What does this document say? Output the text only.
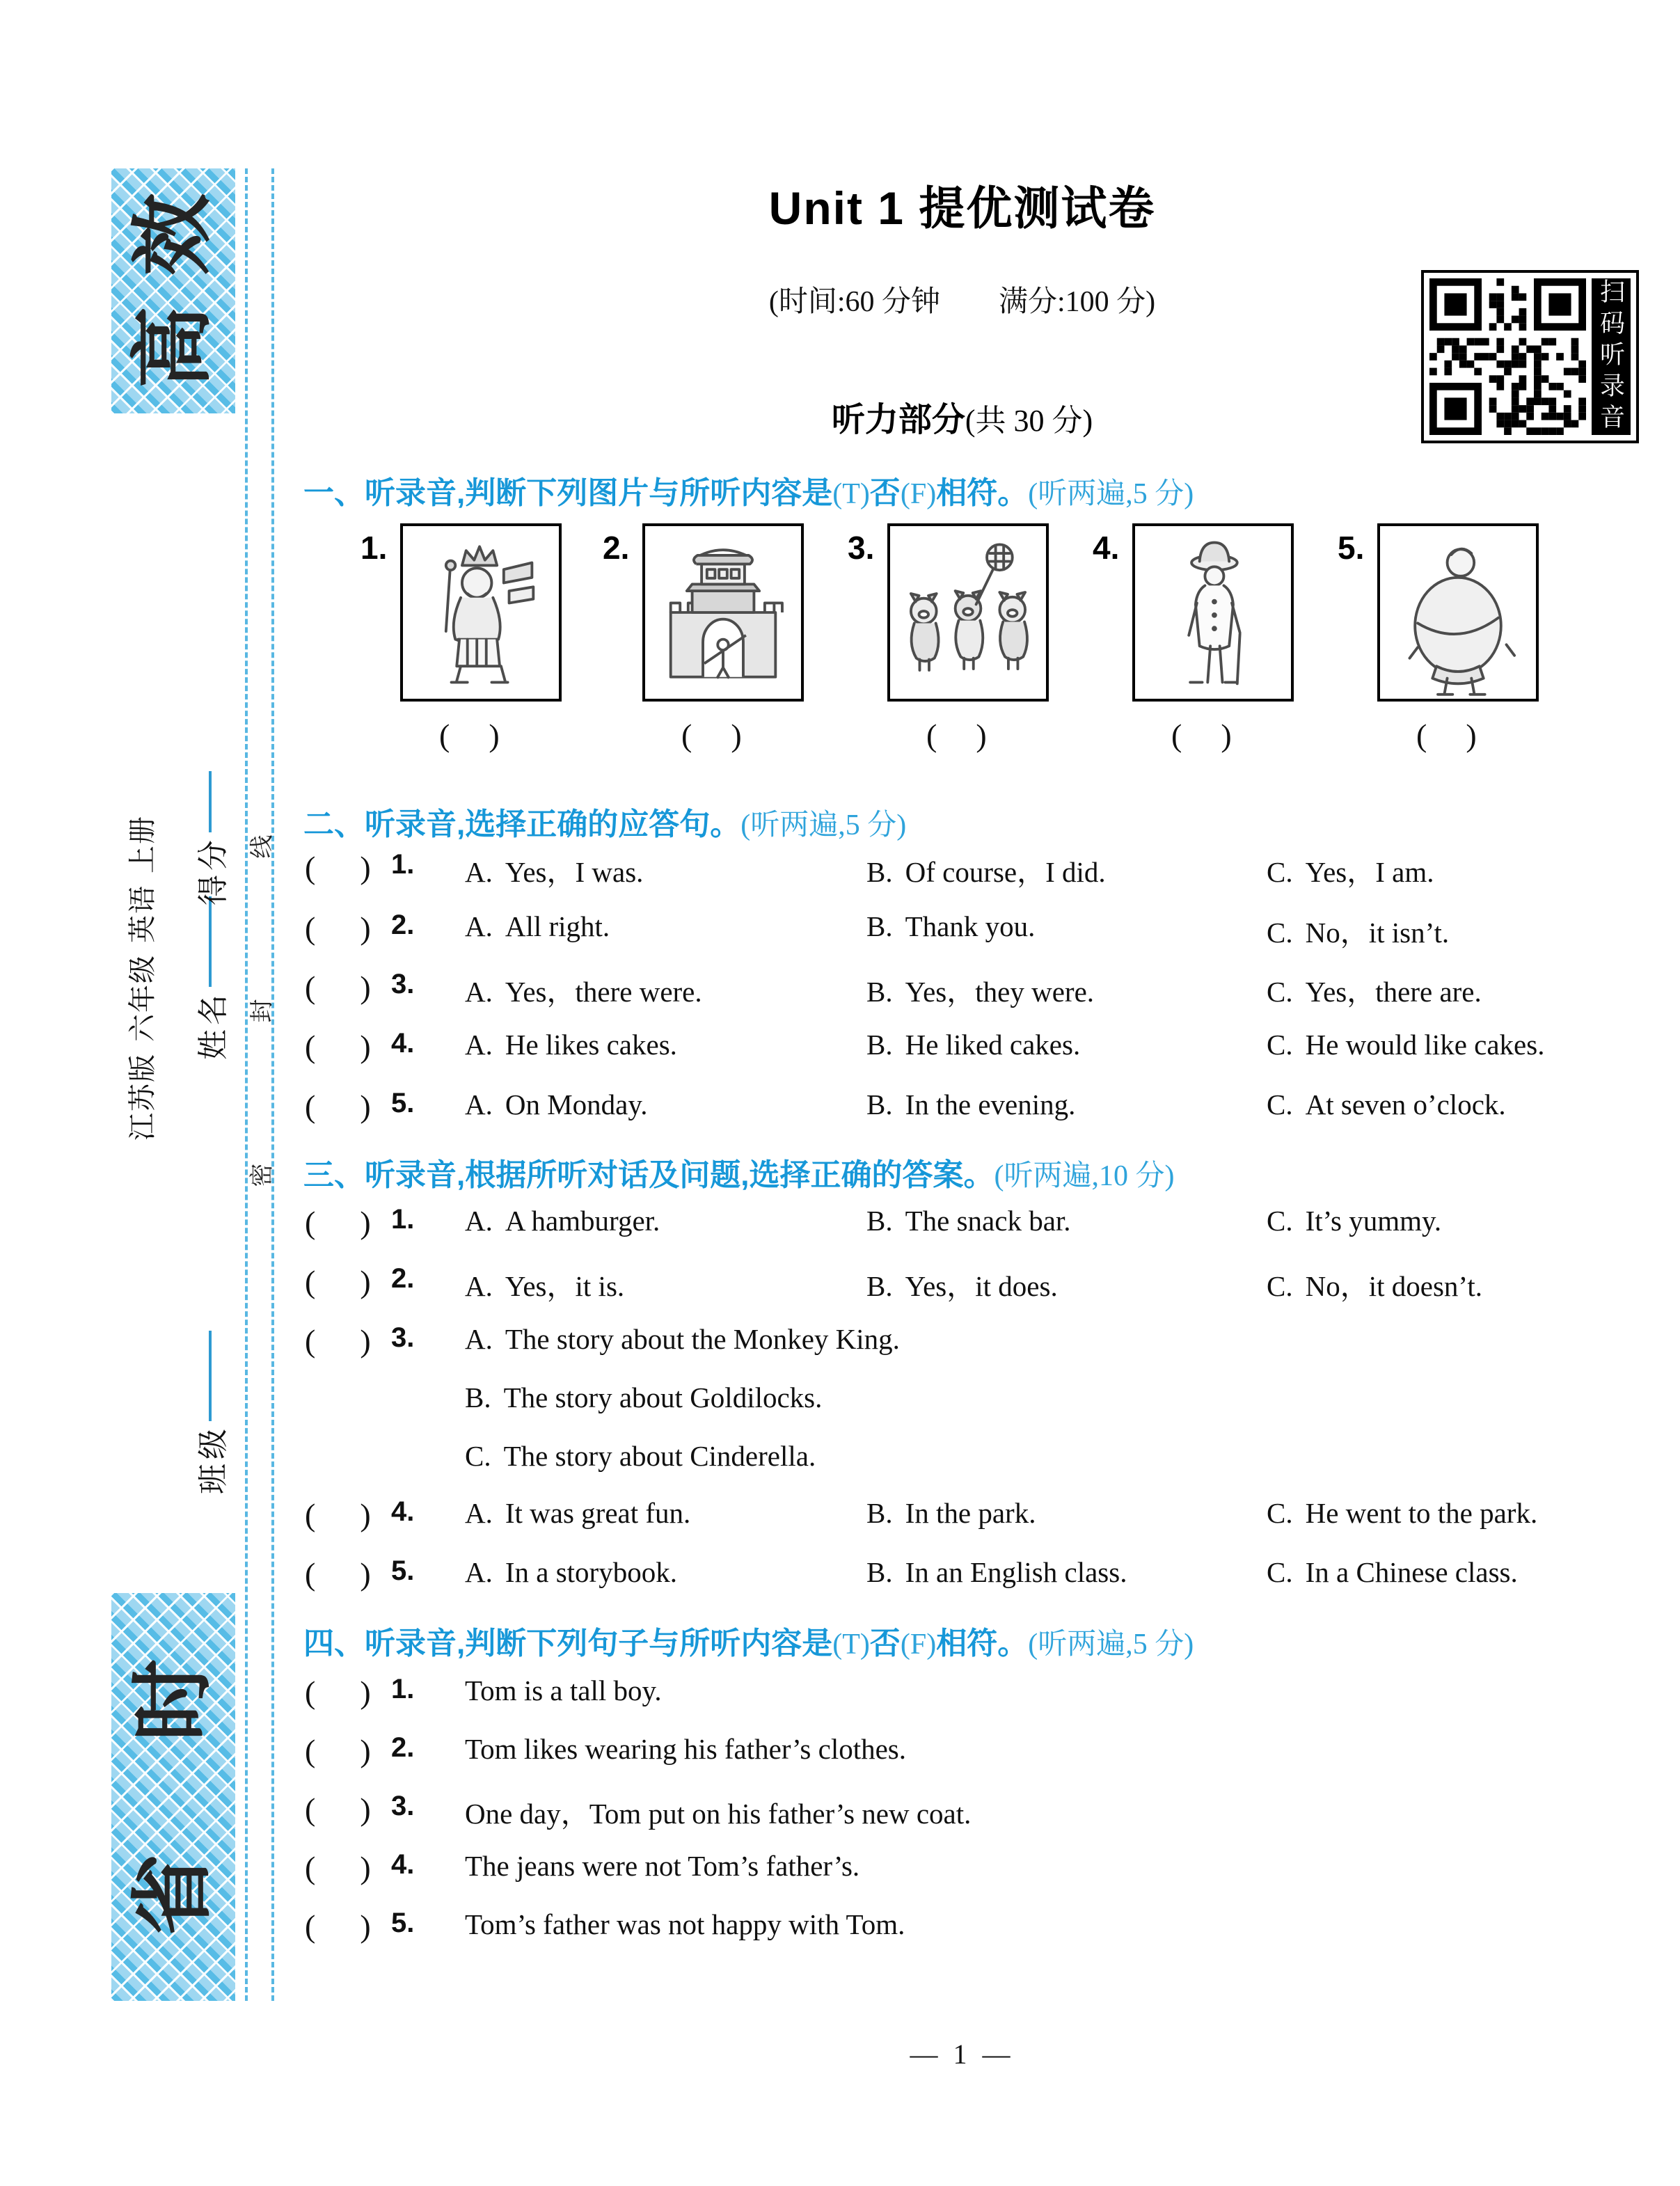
效
高
时
省
册
上
语
英
级
年
六
版
苏
江
级
班
名
姓
分
得
线
封
密
Unit 1 提优测试卷
(时间:60 分钟　　满分:100 分)	扫码听录音
听力部分(共 30 分)
一、听录音,判断下列图片与所听内容是(T)否(F)相符。(听两遍,5 分)
二、听录音,选择正确的应答句。(听两遍,5 分)
三、听录音,根据所听对话及问题,选择正确的答案。(听两遍,10 分)
四、听录音,判断下列句子与所听内容是(T)否(F)相符。(听两遍,5 分)
— 1 —
1.
( )
2.
( )
3.
( )
4.
( )
5.
( )
( ) 1. A. Yes，I was.	B. Of course，I did.	C. Yes，I am.
( ) 2. A. All right.	B. Thank you.	C. No，it isn’t.
( ) 3. A. Yes，there were.	B. Yes，they were.	C. Yes，there are.
( ) 4. A. He likes cakes.	B. He liked cakes.	C. He would like cakes.
( ) 5. A. On Monday.	B. In the evening.	C. At seven o’clock.
( ) 1. A. A hamburger.	B. The snack bar.	C. It’s yummy.
( ) 2. A. Yes，it is.	B. Yes，it does.	C. No，it doesn’t.
( ) 3. A. The story about the Monkey King.
B. The story about Goldilocks.
C. The story about Cinderella.
( ) 4. A. It was great fun.	B. In the park.	C. He went to the park.
( ) 5. A. In a storybook.	B. In an English class.	C. In a Chinese class.
( ) 1. Tom is a tall boy.
( ) 2. Tom likes wearing his father’s clothes.
( ) 3. One day，Tom put on his father’s new coat.
( ) 4. The jeans were not Tom’s father’s.
( ) 5. Tom’s father was not happy with Tom.
